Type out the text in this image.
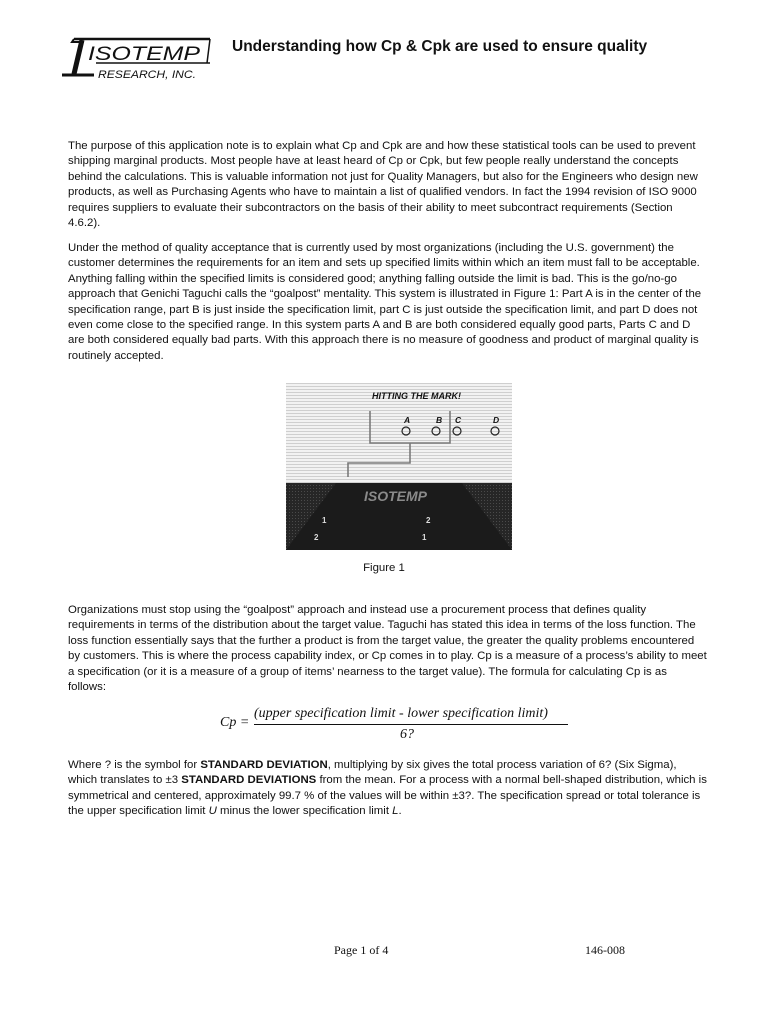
ISOTEMP
RESEARCH, INC.
Understanding how Cp & Cpk are used to ensure quality

The purpose of this application note is to explain what Cp and Cpk are and how these statistical tools can be used to prevent shipping marginal products. Most people have at least heard of Cp or Cpk, but few people really understand the concepts behind the calculations. This is valuable information not just for Quality Managers, but also for the Engineers who design new products, as well as Purchasing Agents who have to maintain a list of qualified vendors. In fact the 1994 revision of ISO 9000 requires suppliers to evaluate their subcontractors on the basis of their ability to meet subcontract requirements (Section 4.6.2).

Under the method of quality acceptance that is currently used by most organizations (including the U.S. government) the customer determines the requirements for an item and sets up specified limits within which an item must fall to be acceptable. Anything falling within the specified limits is considered good; anything falling outside the limit is bad. This is the go/no-go approach that Genichi Taguchi calls the “goalpost” mentality. This system is illustrated in Figure 1: Part A is in the center of the specification range, part B is just inside the specification limit, part C is just outside the specification limit, and part D does not even come close to the specified range. In this system parts A and B are both considered equally good parts, Parts C and D are both considered equally bad parts. With this approach there is no measure of goodness and product of marginal quality is routinely accepted.

HITTING THE MARK!
A	B C	D
ISOTEMP
1	2
2	1
Figure 1

Organizations must stop using the “goalpost” approach and instead use a procurement process that defines quality requirements in terms of the distribution about the target value. Taguchi has stated this idea in terms of the loss function. The loss function essentially says that the further a product is from the target value, the greater the quality problems encountered by customers. This is where the process capability index, or Cp comes in to play. Cp is a measure of a process’s ability to meet a specification (or it is a measure of a group of items’ nearness to the target value). The formula for calculating Cp is as follows:

Cp =
(upper specification limit - lower specification limit)
6?

Where ? is the symbol for STANDARD DEVIATION, multiplying by six gives the total process variation of 6? (Six Sigma), which translates to ±3 STANDARD DEVIATIONS from the mean. For a process with a normal bell-shaped distribution, which is symmetrical and centered, approximately 99.7 % of the values will be within ±3?. The specification spread or total tolerance is the upper specification limit U minus the lower specification limit L.

Page 1 of 4	146-008
